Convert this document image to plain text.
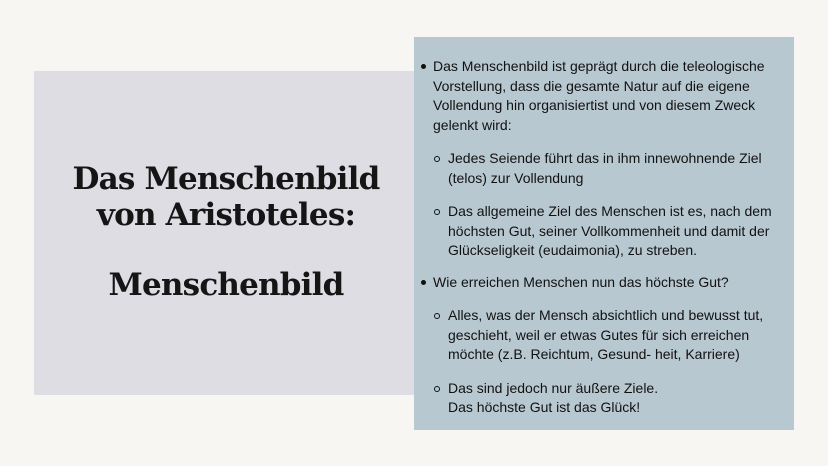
Das Menschenbild
von Aristoteles:
Menschenbild
Das Menschenbild ist geprägt durch die teleologische Vorstellung, dass die gesamte Natur auf die eigene Vollendung hin organisiertist und von diesem Zweck gelenkt wird:
Jedes Seiende führt das in ihm innewohnende Ziel (telos) zur Vollendung
Das allgemeine Ziel des Menschen ist es, nach dem höchsten Gut, seiner Vollkommenheit und damit der Glückseligkeit (eudaimonia), zu streben.
Wie erreichen Menschen nun das höchste Gut?
Alles, was der Mensch absichtlich und bewusst tut, geschieht, weil er etwas Gutes für sich erreichen möchte (z.B. Reichtum, Gesund- heit, Karriere)
Das sind jedoch nur äußere Ziele.
Das höchste Gut ist das Glück!
